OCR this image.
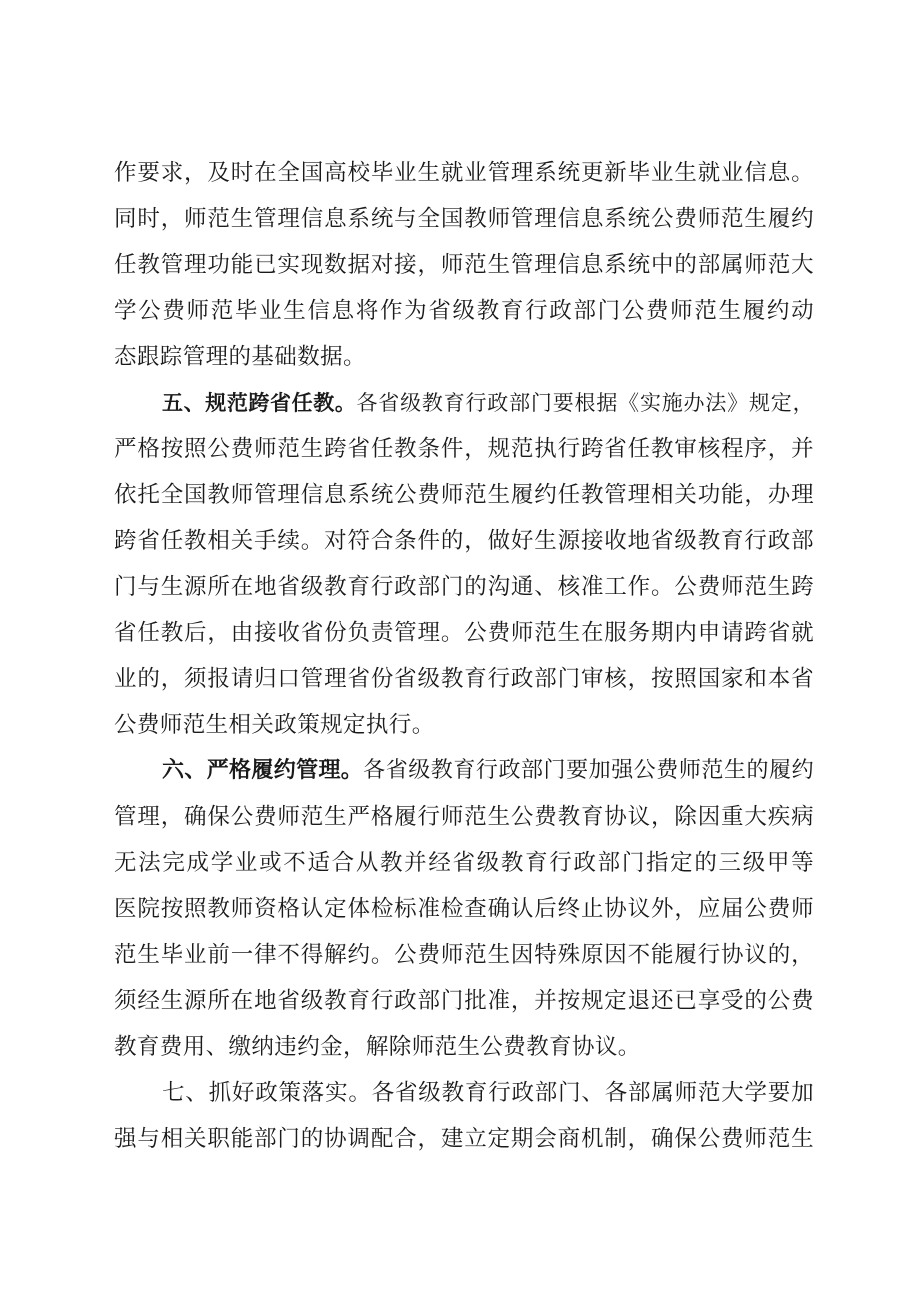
作要求，及时在全国高校毕业生就业管理系统更新毕业生就业信息。
同时，师范生管理信息系统与全国教师管理信息系统公费师范生履约
任教管理功能已实现数据对接，师范生管理信息系统中的部属师范大
学公费师范毕业生信息将作为省级教育行政部门公费师范生履约动
态跟踪管理的基础数据。
五、规范跨省任教。各省级教育行政部门要根据《实施办法》规定，
严格按照公费师范生跨省任教条件，规范执行跨省任教审核程序，并
依托全国教师管理信息系统公费师范生履约任教管理相关功能，办理
跨省任教相关手续。对符合条件的，做好生源接收地省级教育行政部
门与生源所在地省级教育行政部门的沟通、核准工作。公费师范生跨
省任教后，由接收省份负责管理。公费师范生在服务期内申请跨省就
业的，须报请归口管理省份省级教育行政部门审核，按照国家和本省
公费师范生相关政策规定执行。
六、严格履约管理。各省级教育行政部门要加强公费师范生的履约
管理，确保公费师范生严格履行师范生公费教育协议，除因重大疾病
无法完成学业或不适合从教并经省级教育行政部门指定的三级甲等
医院按照教师资格认定体检标准检查确认后终止协议外，应届公费师
范生毕业前一律不得解约。公费师范生因特殊原因不能履行协议的，
须经生源所在地省级教育行政部门批准，并按规定退还已享受的公费
教育费用、缴纳违约金，解除师范生公费教育协议。
七、抓好政策落实。各省级教育行政部门、各部属师范大学要加
强与相关职能部门的协调配合，建立定期会商机制，确保公费师范生
